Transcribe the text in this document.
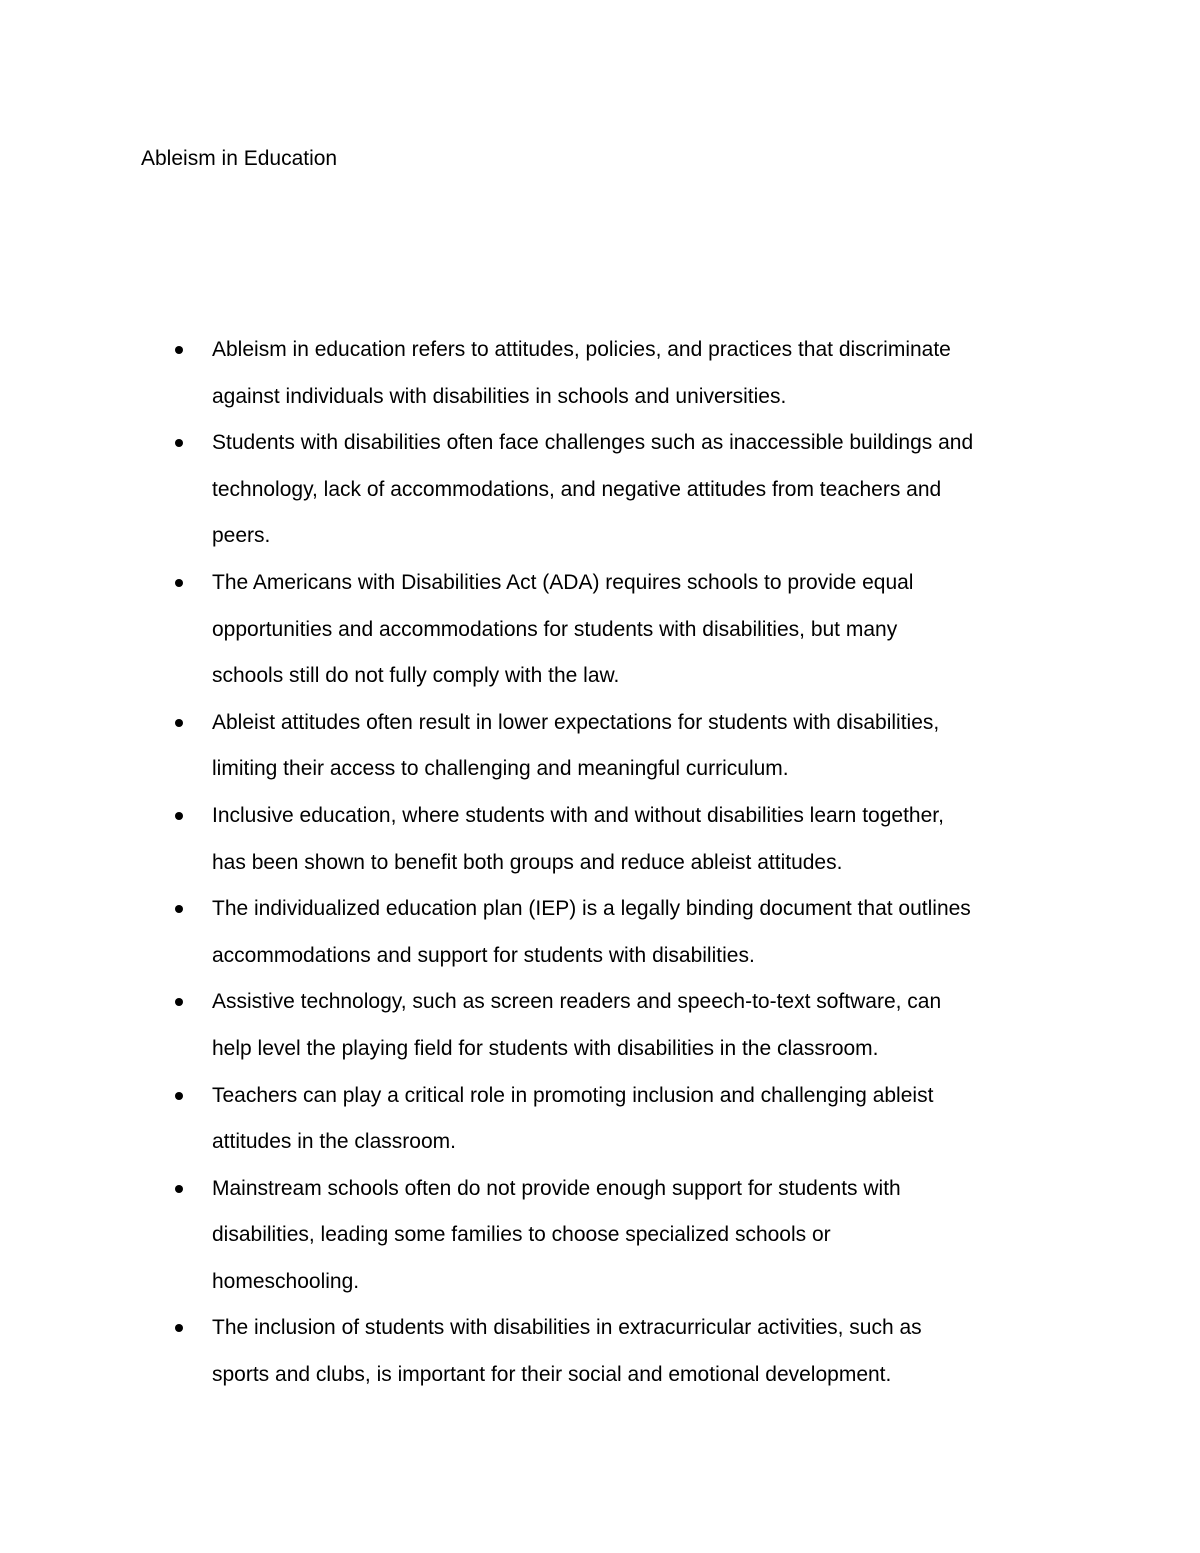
Ableism in Education
Ableism in education refers to attitudes, policies, and practices that discriminate
against individuals with disabilities in schools and universities.
Students with disabilities often face challenges such as inaccessible buildings and
technology, lack of accommodations, and negative attitudes from teachers and
peers.
The Americans with Disabilities Act (ADA) requires schools to provide equal
opportunities and accommodations for students with disabilities, but many
schools still do not fully comply with the law.
Ableist attitudes often result in lower expectations for students with disabilities,
limiting their access to challenging and meaningful curriculum.
Inclusive education, where students with and without disabilities learn together,
has been shown to benefit both groups and reduce ableist attitudes.
The individualized education plan (IEP) is a legally binding document that outlines
accommodations and support for students with disabilities.
Assistive technology, such as screen readers and speech-to-text software, can
help level the playing field for students with disabilities in the classroom.
Teachers can play a critical role in promoting inclusion and challenging ableist
attitudes in the classroom.
Mainstream schools often do not provide enough support for students with
disabilities, leading some families to choose specialized schools or
homeschooling.
The inclusion of students with disabilities in extracurricular activities, such as
sports and clubs, is important for their social and emotional development.
